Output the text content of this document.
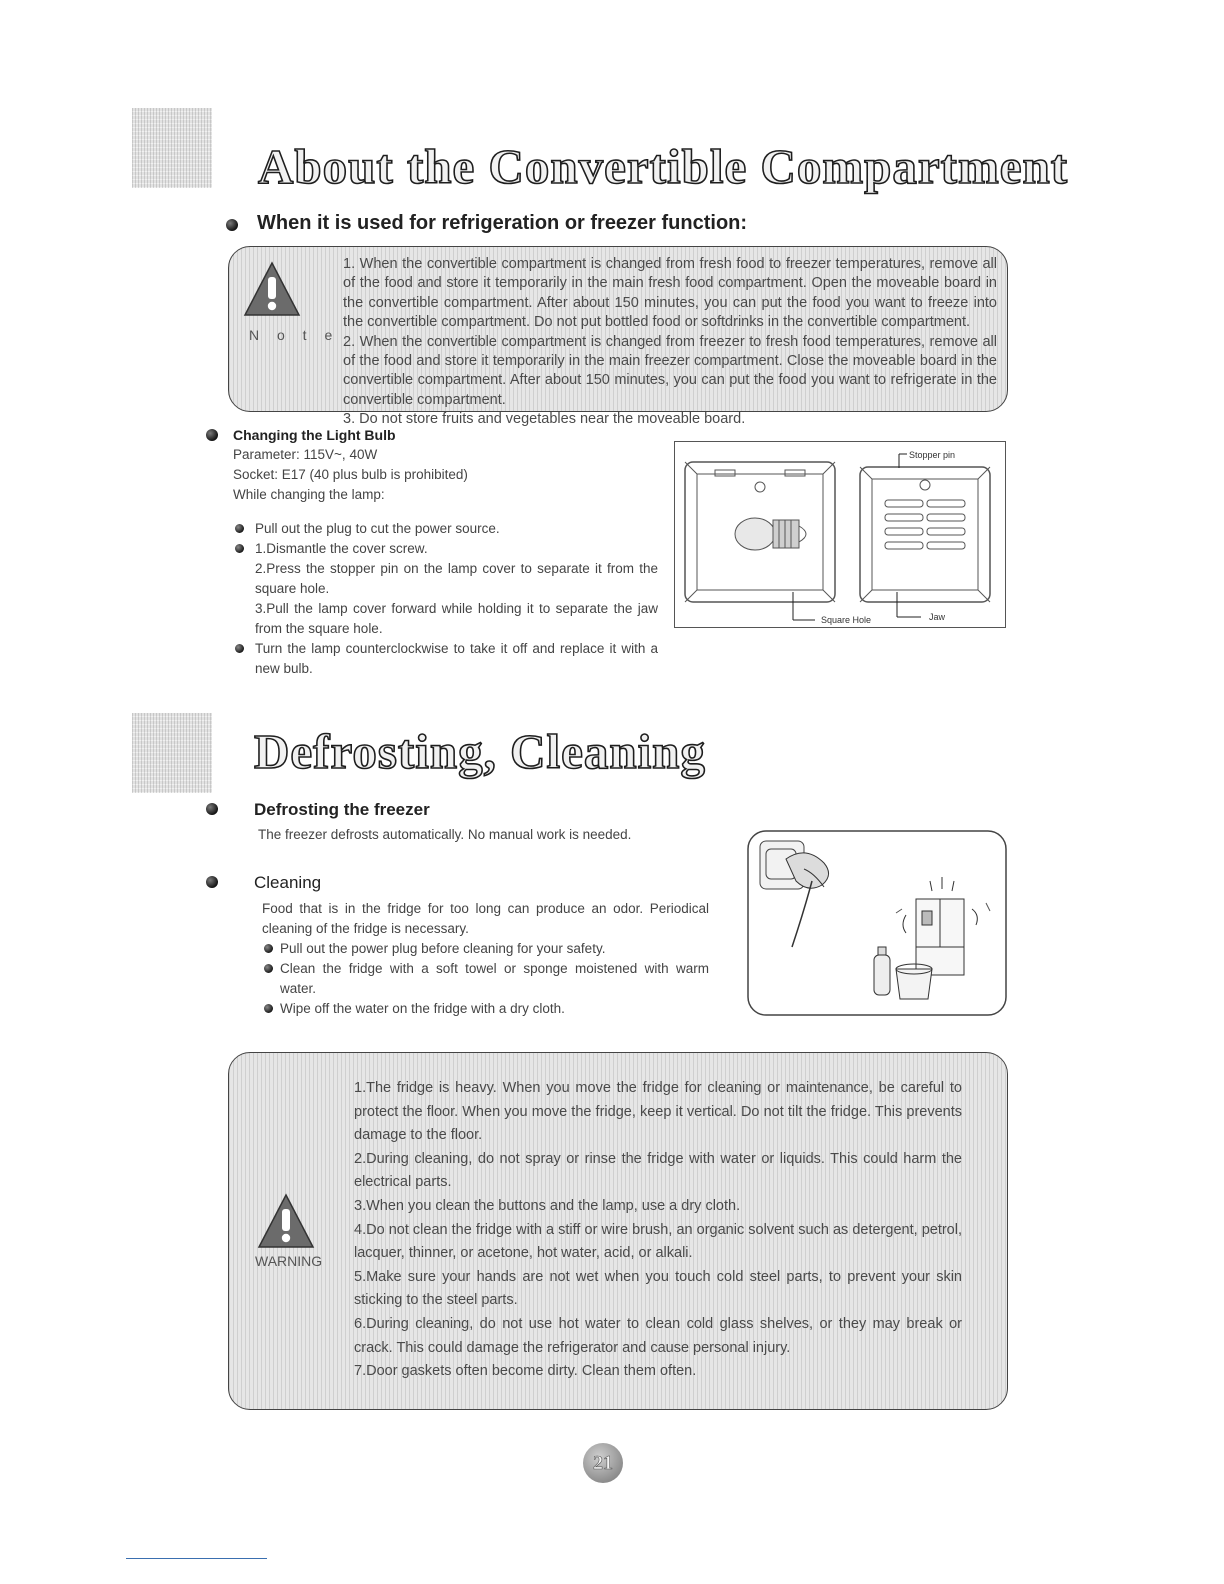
About the Convertible Compartment
When it is used for refrigeration or freezer function:
N o t e

1. When the convertible compartment is changed from fresh food to freezer temperatures, remove all of the food and store it temporarily in the main fresh food compartment. Open the moveable board in the convertible compartment. After about 150 minutes, you can put the food you want to freeze into the convertible compartment. Do not put bottled food or softdrinks in the convertible compartment.

2. When the convertible compartment is changed from freezer to fresh food temperatures, remove all of the food and store it temporarily in the main freezer compartment. Close the moveable board in the convertible compartment. After about 150 minutes, you can put the food you want to refrigerate in the convertible compartment.

3. Do not store fruits and vegetables near the moveable board.

Changing the Light Bulb

Parameter: 115V~, 40W

Socket: E17 (40 plus bulb is prohibited)

While changing the lamp:

Pull out the plug to cut the power source.
1.Dismantle the cover screw.
2.Press the stopper pin on the lamp cover to separate it from the square hole.
3.Pull the lamp cover forward while holding it to separate the jaw from the square hole.
Turn the lamp counterclockwise to take it off and replace it with a new bulb.
Square Hole
Stopper pin
Jaw
Defrosting, Cleaning
Defrosting the freezer
The freezer defrosts automatically. No manual work is needed.
Cleaning

Food that is in the fridge for too long can produce an odor. Periodical cleaning of the fridge is necessary.

Pull out the power plug before cleaning for your safety.
Clean the fridge with a soft towel or sponge moistened with warm water.
Wipe off the water on the fridge with a dry cloth.
WARNING

1.The fridge is heavy. When you move the fridge for cleaning or maintenance, be careful to protect the floor. When you move the fridge, keep it vertical. Do not tilt the fridge. This prevents damage to the floor.

2.During cleaning, do not spray or rinse the fridge with water or liquids. This could harm the electrical parts.

3.When you clean the buttons and the lamp, use a dry cloth.

4.Do not clean the fridge with a stiff or wire brush, an organic solvent such as detergent, petrol, lacquer, thinner, or acetone, hot water, acid, or alkali.

5.Make sure your hands are not wet when you touch cold steel parts, to prevent your skin sticking to the steel parts.

6.During cleaning, do not use hot water to clean cold glass shelves, or they may break or crack. This could damage the refrigerator and cause personal injury.

7.Door gaskets often become dirty. Clean them often.

21
